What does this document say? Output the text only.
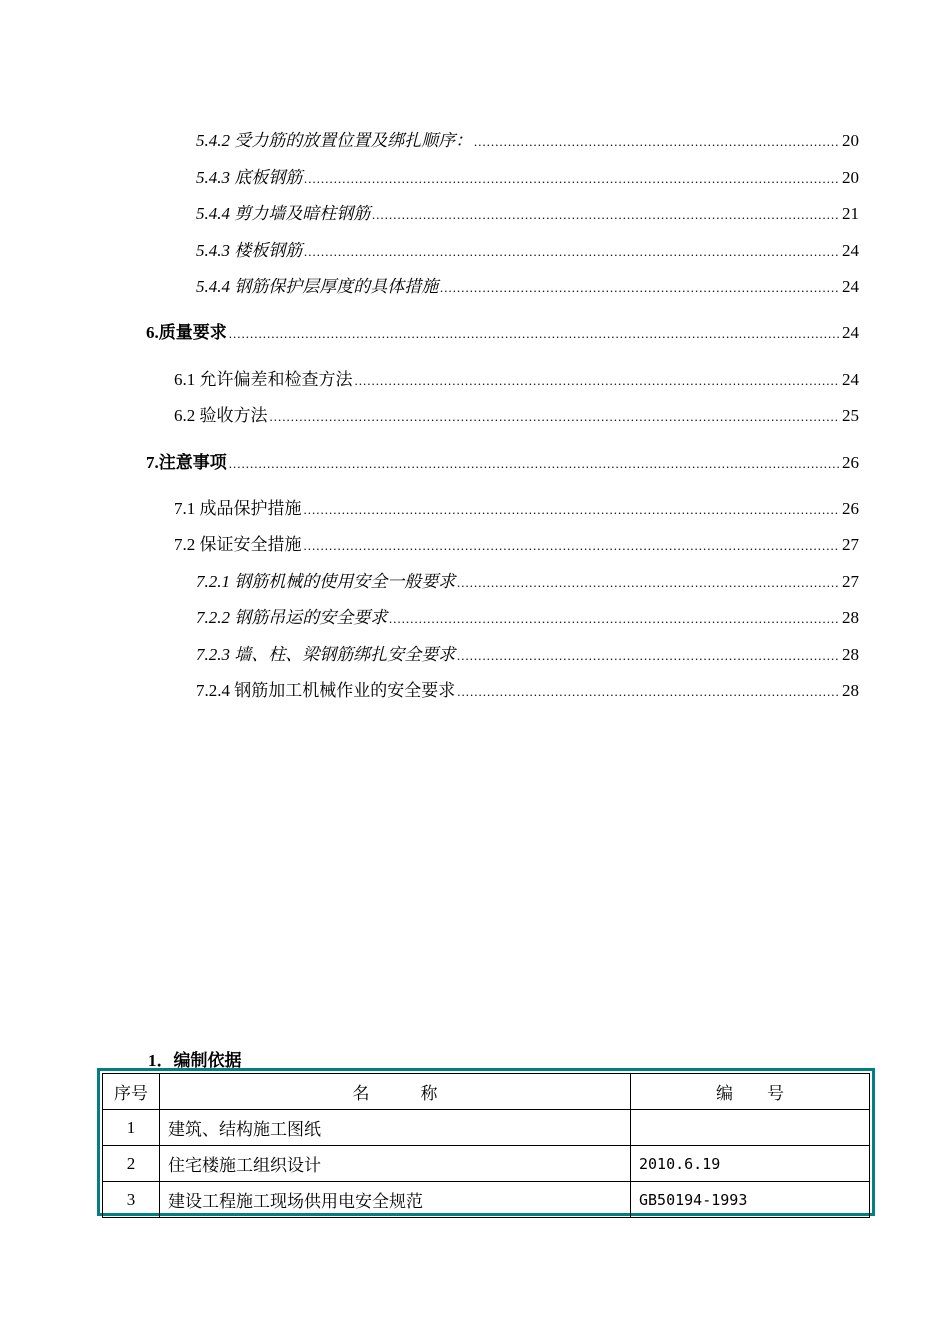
5.4.2 受力筋的放置位置及绑扎顺序： .....	20
5.4.3 底板钢筋 .....	20
5.4.4 剪力墙及暗柱钢筋 .....	21
5.4.3 楼板钢筋 .....	24
5.4.4 钢筋保护层厚度的具体措施 .....	24
6.质量要求 .....	24
6.1 允许偏差和检查方法 .....	24
6.2 验收方法 .....	25
7.注意事项 .....	26
7.1 成品保护措施 .....	26
7.2 保证安全措施 .....	27
7.2.1 钢筋机械的使用安全一般要求 .....	27
7.2.2 钢筋吊运的安全要求 .....	28
7.2.3 墙、柱、梁钢筋绑扎安全要求 .....	28
7.2.4 钢筋加工机械作业的安全要求 .....	28
1．编制依据
序号	名　　　称	编　　号
1	建筑、结构施工图纸	
2	住宅楼施工组织设计	2010.6.19
3	建设工程施工现场供用电安全规范	GB50194-1993
